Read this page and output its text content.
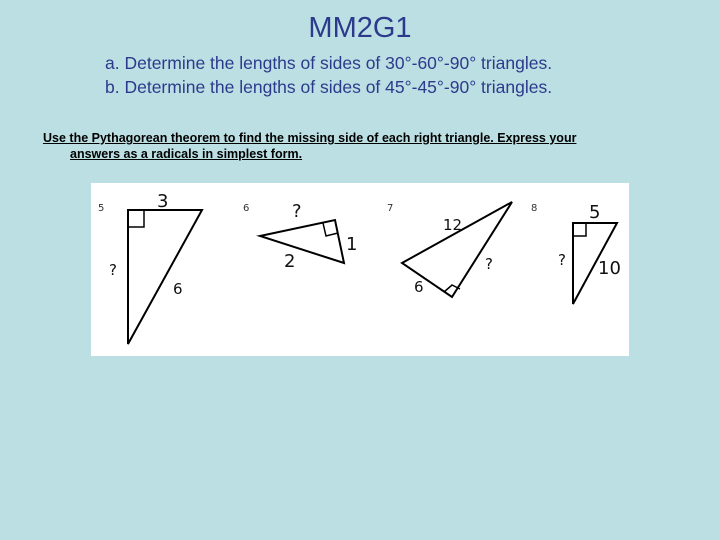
MM2G1
a. Determine the lengths of sides of 30°-60°-90° triangles.
b. Determine the lengths of sides of 45°-45°-90° triangles.
Use the Pythagorean theorem to find the missing side of each right triangle. Express your
answers as a radicals in simplest form.
5	3
?
6
6 ?
1
2
7
12
?
6
8	5
? 10
